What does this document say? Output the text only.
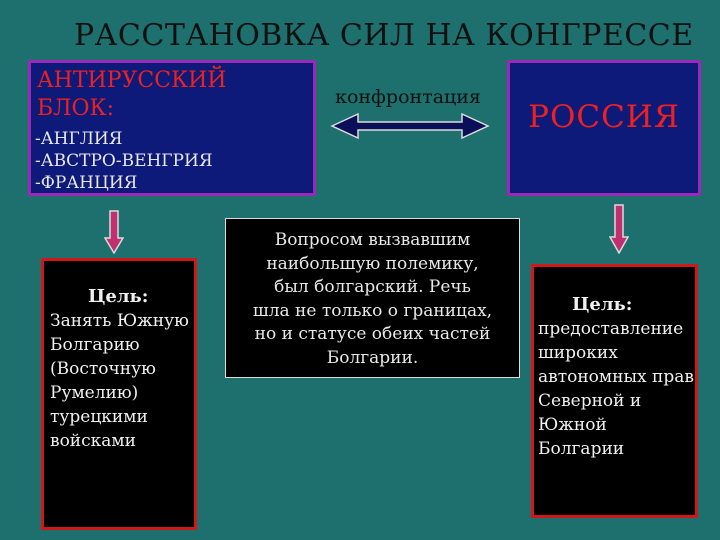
РАССТАНОВКА СИЛ НА КОНГРЕССЕ
АНТИРУССКИЙ
БЛОК:
-АНГЛИЯ
-АВСТРО-ВЕНГРИЯ
-ФРАНЦИЯ
конфронтация
РОССИЯ
Вопросом вызвавшим
наибольшую полемику,
был болгарский. Речь
шла не только о границах,
но и статусе обеих частей
Болгарии.
Цель:
Занять Южную
Болгарию
(Восточную
Румелию)
турецкими
войсками
Цель:
предоставление
широких
автономных прав
Северной и
Южной Болгарии
